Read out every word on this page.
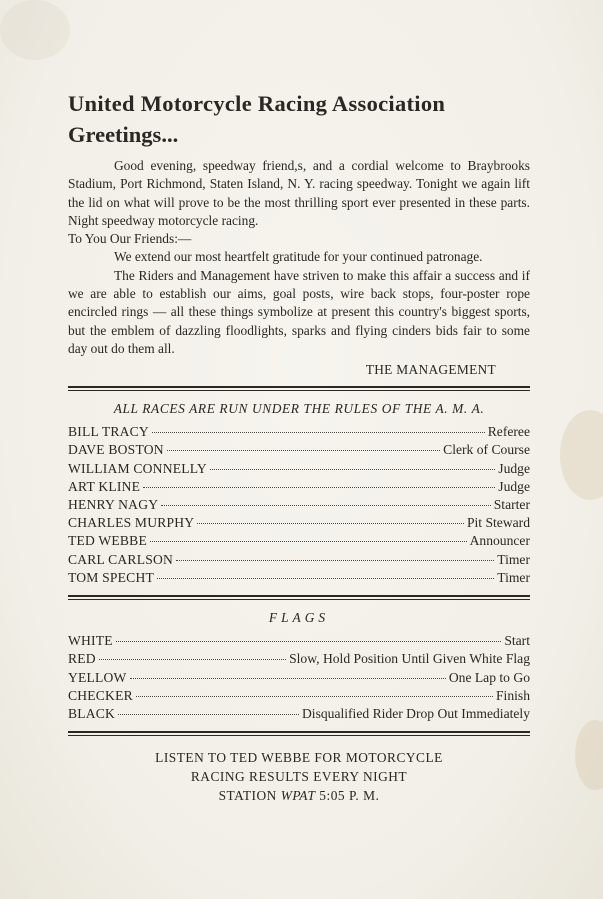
United Motorcycle Racing Association
Greetings...

Good evening, speedway friend,s, and a cordial welcome to Braybrooks Stadium, Port Richmond, Staten Island, N. Y. racing speedway. Tonight we again lift the lid on what will prove to be the most thrilling sport ever presented in these parts. Night speedway motorcycle racing.

To You Our Friends:—

We extend our most heartfelt gratitude for your continued patronage.

The Riders and Management have striven to make this affair a success and if we are able to establish our aims, goal posts, wire back stops, four-poster rope encircled rings — all these things symbolize at present this country's biggest sports, but the emblem of dazzling floodlights, sparks and flying cinders bids fair to some day out do them all.

THE MANAGEMENT
ALL RACES ARE RUN UNDER THE RULES OF THE A. M. A.
BILL TRACY	Referee
DAVE BOSTON	Clerk of Course
WILLIAM CONNELLY	Judge
ART KLINE	Judge
HENRY NAGY	Starter
CHARLES MURPHY	Pit Steward
TED WEBBE	Announcer
CARL CARLSON	Timer
TOM SPECHT	Timer
FLAGS
WHITE	Start
RED	Slow, Hold Position Until Given White Flag
YELLOW	One Lap to Go
CHECKER	Finish
BLACK	Disqualified Rider Drop Out Immediately
LISTEN TO TED WEBBE FOR MOTORCYCLE
RACING RESULTS EVERY NIGHT
STATION WPAT 5:05 P. M.
